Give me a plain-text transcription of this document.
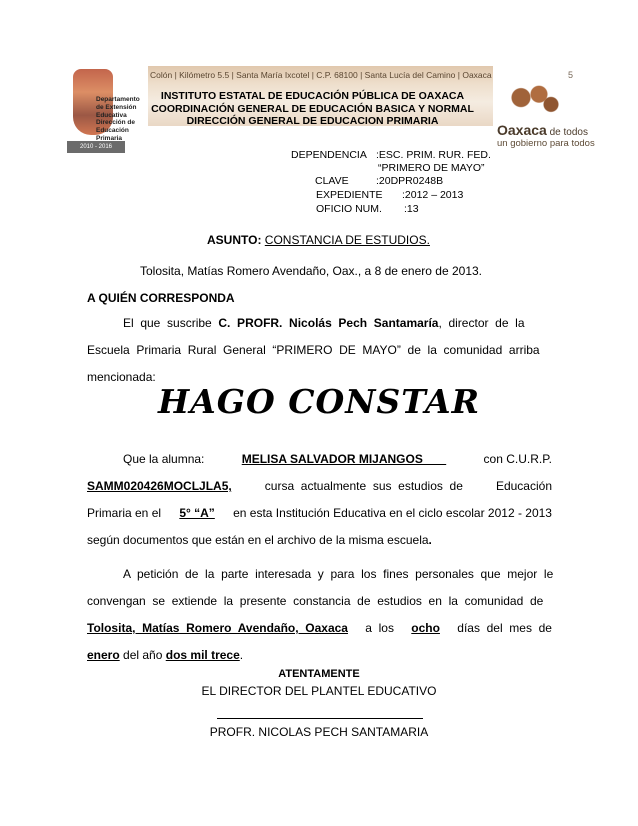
2010 - 2016 OAXACA
Departamento
de Extensión
Educativa
Dirección de
Educación
Primaria
Colón | Kilómetro 5.5 | Santa María Ixcotel | C.P. 68100 | Santa Lucía del Camino | Oaxaca	5
INSTITUTO ESTATAL DE EDUCACIÓN PÚBLICA DE OAXACA
COORDINACIÓN GENERAL DE EDUCACIÓN BASICA Y NORMAL
DIRECCIÓN GENERAL DE EDUCACION PRIMARIA
Oaxaca de todos
un gobierno para todos
DEPENDENCIA :ESC. PRIM. RUR. FED.
“PRIMERO DE MAYO”
CLAVE	:20DPR0248B
EXPEDIENTE :2012 – 2013
OFICIO NUM. :13
ASUNTO: CONSTANCIA DE ESTUDIOS.
Tolosita, Matías Romero Avendaño, Oax., a 8 de enero de 2013.
A QUIÉN CORRESPONDA
El  que  suscribe C.  PROFR.  Nicolás  Pech  Santamaría,  director  de  la
Escuela  Primaria  Rural  General  “PRIMERO  DE  MAYO”  de  la  comunidad  arriba
mencionada:
HAGO CONSTAR
Que la alumna:	MELISA SALVADOR MIJANGOS	con C.U.R.P.
SAMM020426MOCLJLA5,	cursa  actualmente  sus  estudios  de	Educación
Primaria en el 5° “A” en esta Institución Educativa en el ciclo escolar 2012 - 2013
según documentos que están en el archivo de la misma escuela .
A  petición  de  la  parte  interesada  y  para  los  fines  personales  que  mejor  le
convengan  se  extiende  la  presente  constancia  de  estudios  en  la  comunidad  de
Tolosita,  Matías  Romero  Avendaño,  Oaxaca a  los ocho días  del  mes  de
enero del año dos mil trece .
ATENTAMENTE
EL DIRECTOR DEL PLANTEL EDUCATIVO
PROFR. NICOLAS PECH SANTAMARIA
